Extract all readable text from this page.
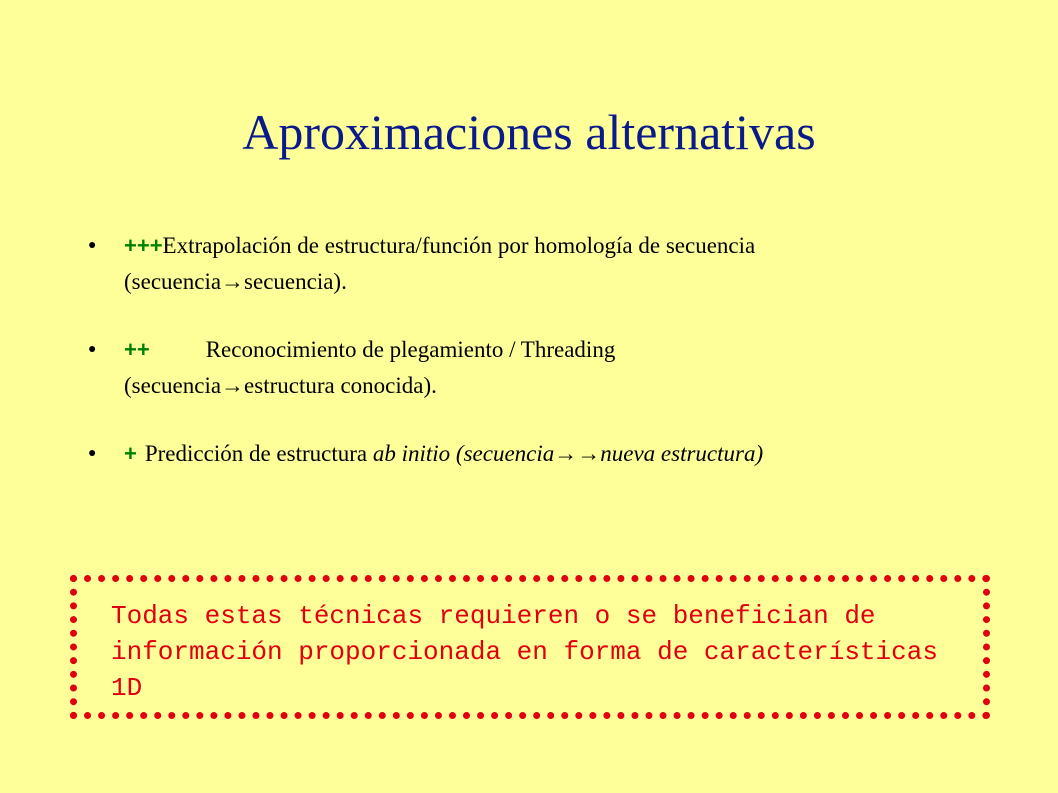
Aproximaciones alternativas
● +++Extrapolación de estructura/función por homología de secuencia
(secuencia→secuencia).
● ++ Reconocimiento de plegamiento / Threading
(secuencia→estructura conocida).
● + Predicción de estructura ab initio (secuencia→→nueva estructura)
Todas estas técnicas requieren o se benefician de información proporcionada en forma de características 1D
